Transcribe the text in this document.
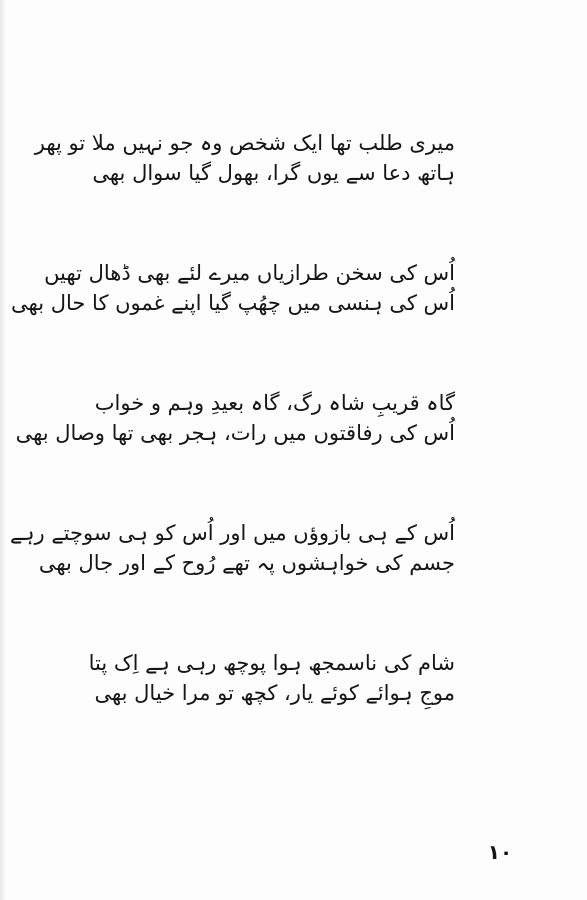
میری طلب تھا ایک شخص وہ جو نہیں ملا تو پھر
ہاتھ دعا سے یوں گرا، بھول گیا سوال بھی
اُس کی سخن طرازیاں میرے لئے بھی ڈھال تھیں
اُس کی ہنسی میں چھُپ گیا اپنے غموں کا حال بھی
گاہ قریبِ شاہ رگ، گاہ بعیدِ وہم و خواب
اُس کی رفاقتوں میں رات، ہجر بھی تھا وصال بھی
اُس کے ہی بازوؤں میں اور اُس کو ہی سوچتے رہے
جسم کی خواہشوں پہ تھے رُوح کے اور جال بھی
شام کی ناسمجھ ہوا پوچھ رہی ہے اِک پتا
موجِ ہوائے کوئے یار، کچھ تو مرا خیال بھی
۱۰
